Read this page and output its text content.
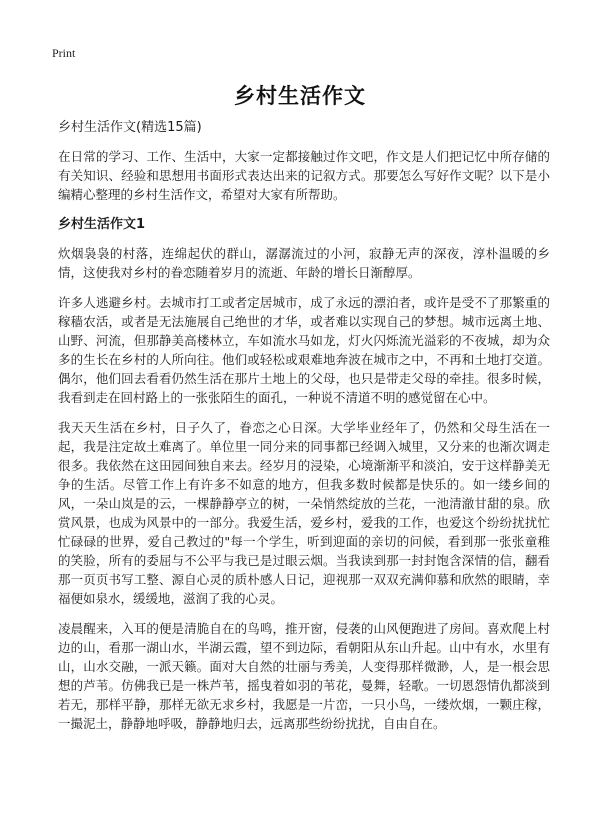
Print
乡村生活作文

乡村生活作文(精选15篇)

在日常的学习、工作、生活中，大家一定都接触过作文吧，作文是人们把记忆中所存储的有关知识、经验和思想用书面形式表达出来的记叙方式。那要怎么写好作文呢？以下是小编精心整理的乡村生活作文，希望对大家有所帮助。

乡村生活作文1

炊烟袅袅的村落，连绵起伏的群山，潺潺流过的小河，寂静无声的深夜，淳朴温暖的乡情，这使我对乡村的眷恋随着岁月的流逝、年龄的增长日渐醇厚。

许多人逃避乡村。去城市打工或者定居城市，成了永远的漂泊者，或许是受不了那繁重的稼穑农活，或者是无法施展自己绝世的才华，或者难以实现自己的梦想。城市远离土地、山野、河流，但那静美高楼林立，车如流水马如龙，灯火闪烁流光溢彩的不夜城，却为众多的生长在乡村的人所向往。他们或轻松或艰难地奔波在城市之中，不再和土地打交道。偶尔，他们回去看看仍然生活在那片土地上的父母，也只是带走父母的牵挂。很多时候，我看到走在回村路上的一张张陌生的面孔，一种说不清道不明的感觉留在心中。

我天天生活在乡村，日子久了，眷恋之心日深。大学毕业经年了，仍然和父母生活在一起，我是注定故土难离了。单位里一同分来的同事都已经调入城里，又分来的也渐次调走很多。我依然在这田园间独自来去。经岁月的浸染，心境渐渐平和淡泊，安于这样静美无争的生活。尽管工作上有许多不如意的地方，但我多数时候都是快乐的。如一缕乡间的风，一朵山岚是的云，一棵静静亭立的树，一朵悄然绽放的兰花，一池清澈甘甜的泉。欣赏风景，也成为风景中的一部分。我爱生活，爱乡村，爱我的工作，也爱这个纷纷扰扰忙忙碌碌的世界，爱自己教过的"每一个学生，听到迎面的亲切的问候，看到那一张张童稚的笑脸，所有的委屈与不公平与我已是过眼云烟。当我读到那一封封饱含深情的信，翻看那一页页书写工整、源自心灵的质朴感人日记，迎视那一双双充满仰慕和欣然的眼睛，幸福便如泉水，缓缓地，滋润了我的心灵。

凌晨醒来，入耳的便是清脆自在的鸟鸣，推开窗，侵袭的山风便跑进了房间。喜欢爬上村边的山，看那一湖山水，半湖云霞，望不到边际，看朝阳从东山升起。山中有水，水里有山，山水交融，一派天籁。面对大自然的壮丽与秀美，人变得那样微渺，人，是一根会思想的芦苇。仿佛我已是一株芦苇，摇曳着如羽的苇花，曼舞，轻歌。一切恩怨情仇都淡到若无，那样平静，那样无欲无求乡村，我愿是一片峦，一只小鸟，一缕炊烟，一颗庄稼，一撮泥土，静静地呼吸，静静地归去，远离那些纷纷扰扰，自由自在。
